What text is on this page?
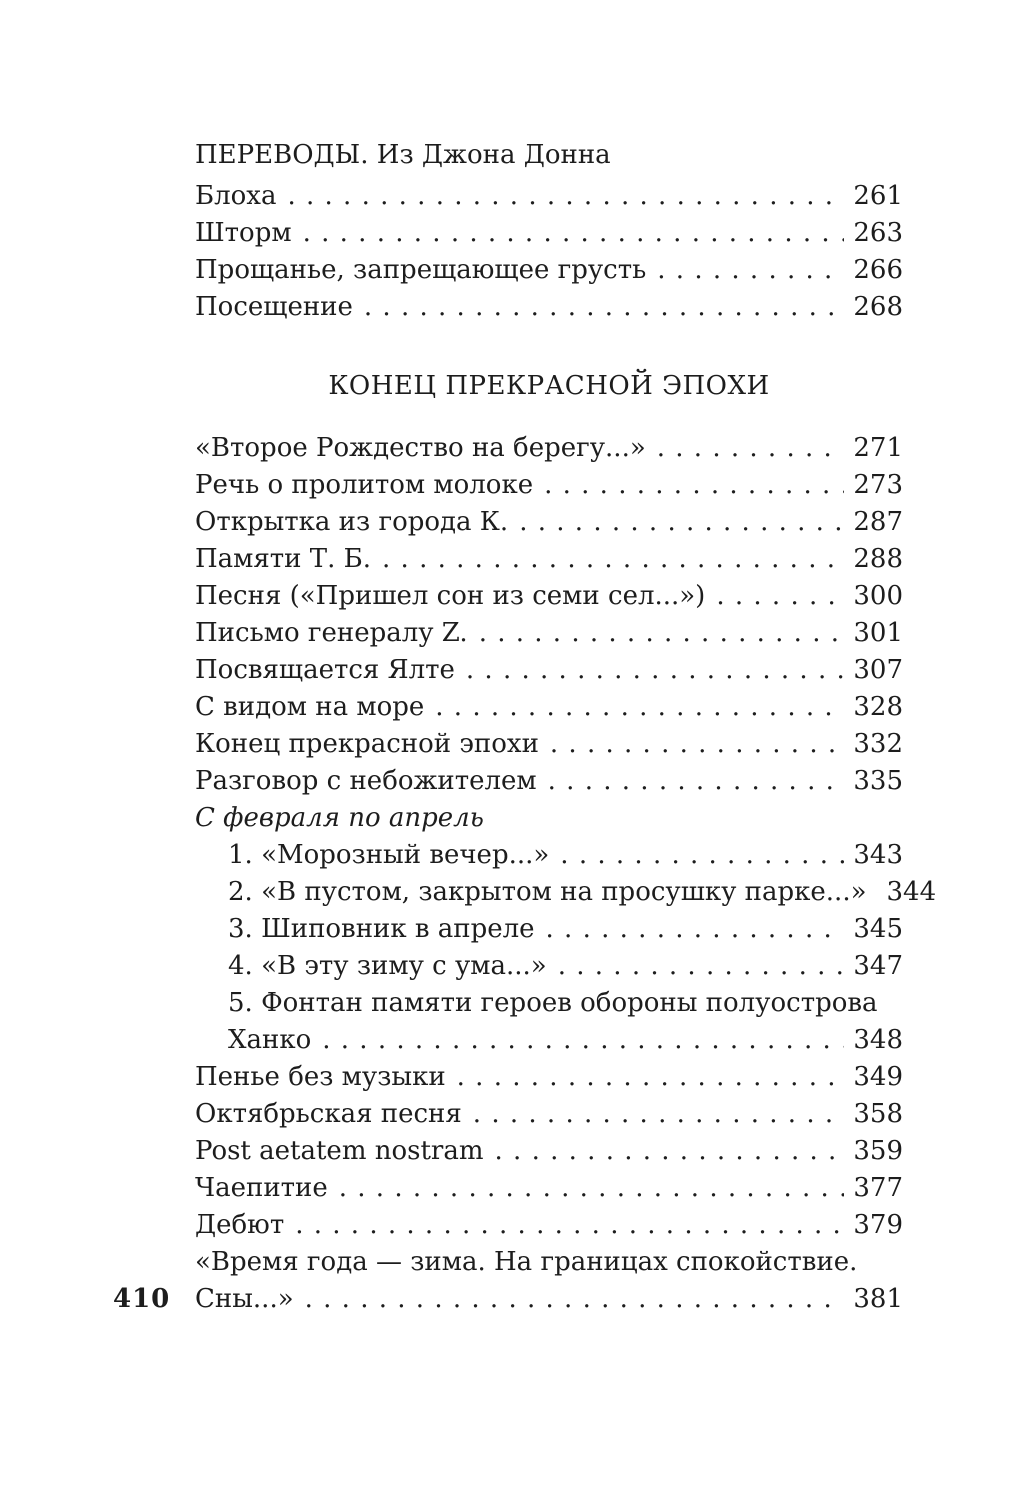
ПЕРЕВОДЫ. Из Джона Донна
Блоха . . .	261
Шторм . . .	263
Прощанье, запрещающее грусть . . .	266
Посещение . . .	268
КОНЕЦ ПРЕКРАСНОЙ ЭПОХИ
«Второе Рождество на берегу...» . . .	271
Речь о пролитом молоке . . .	273
Открытка из города К. . . .	287
Памяти Т. Б. . . .	288
Песня («Пришел сон из семи сел...») . . .	300
Письмо генералу Z. . . .	301
Посвящается Ялте . . .	307
С видом на море . . .	328
Конец прекрасной эпохи . . .	332
Разговор с небожителем . . .	335
С февраля по апрель
1. «Морозный вечер...» . . .	343
2. «В пустом, закрытом на просушку парке...» 344
3. Шиповник в апреле . . .	345
4. «В эту зиму с ума...» . . .	347
5. Фонтан памяти героев обороны полуострова
Ханко . . .	348
Пенье без музыки . . .	349
Октябрьская песня . . .	358
Post aetatem nostram . . .	359
Чаепитие . . .	377
Дебют . . .	379
«Время года — зима. На границах спокойствие.
Сны...» . . .	381
410
